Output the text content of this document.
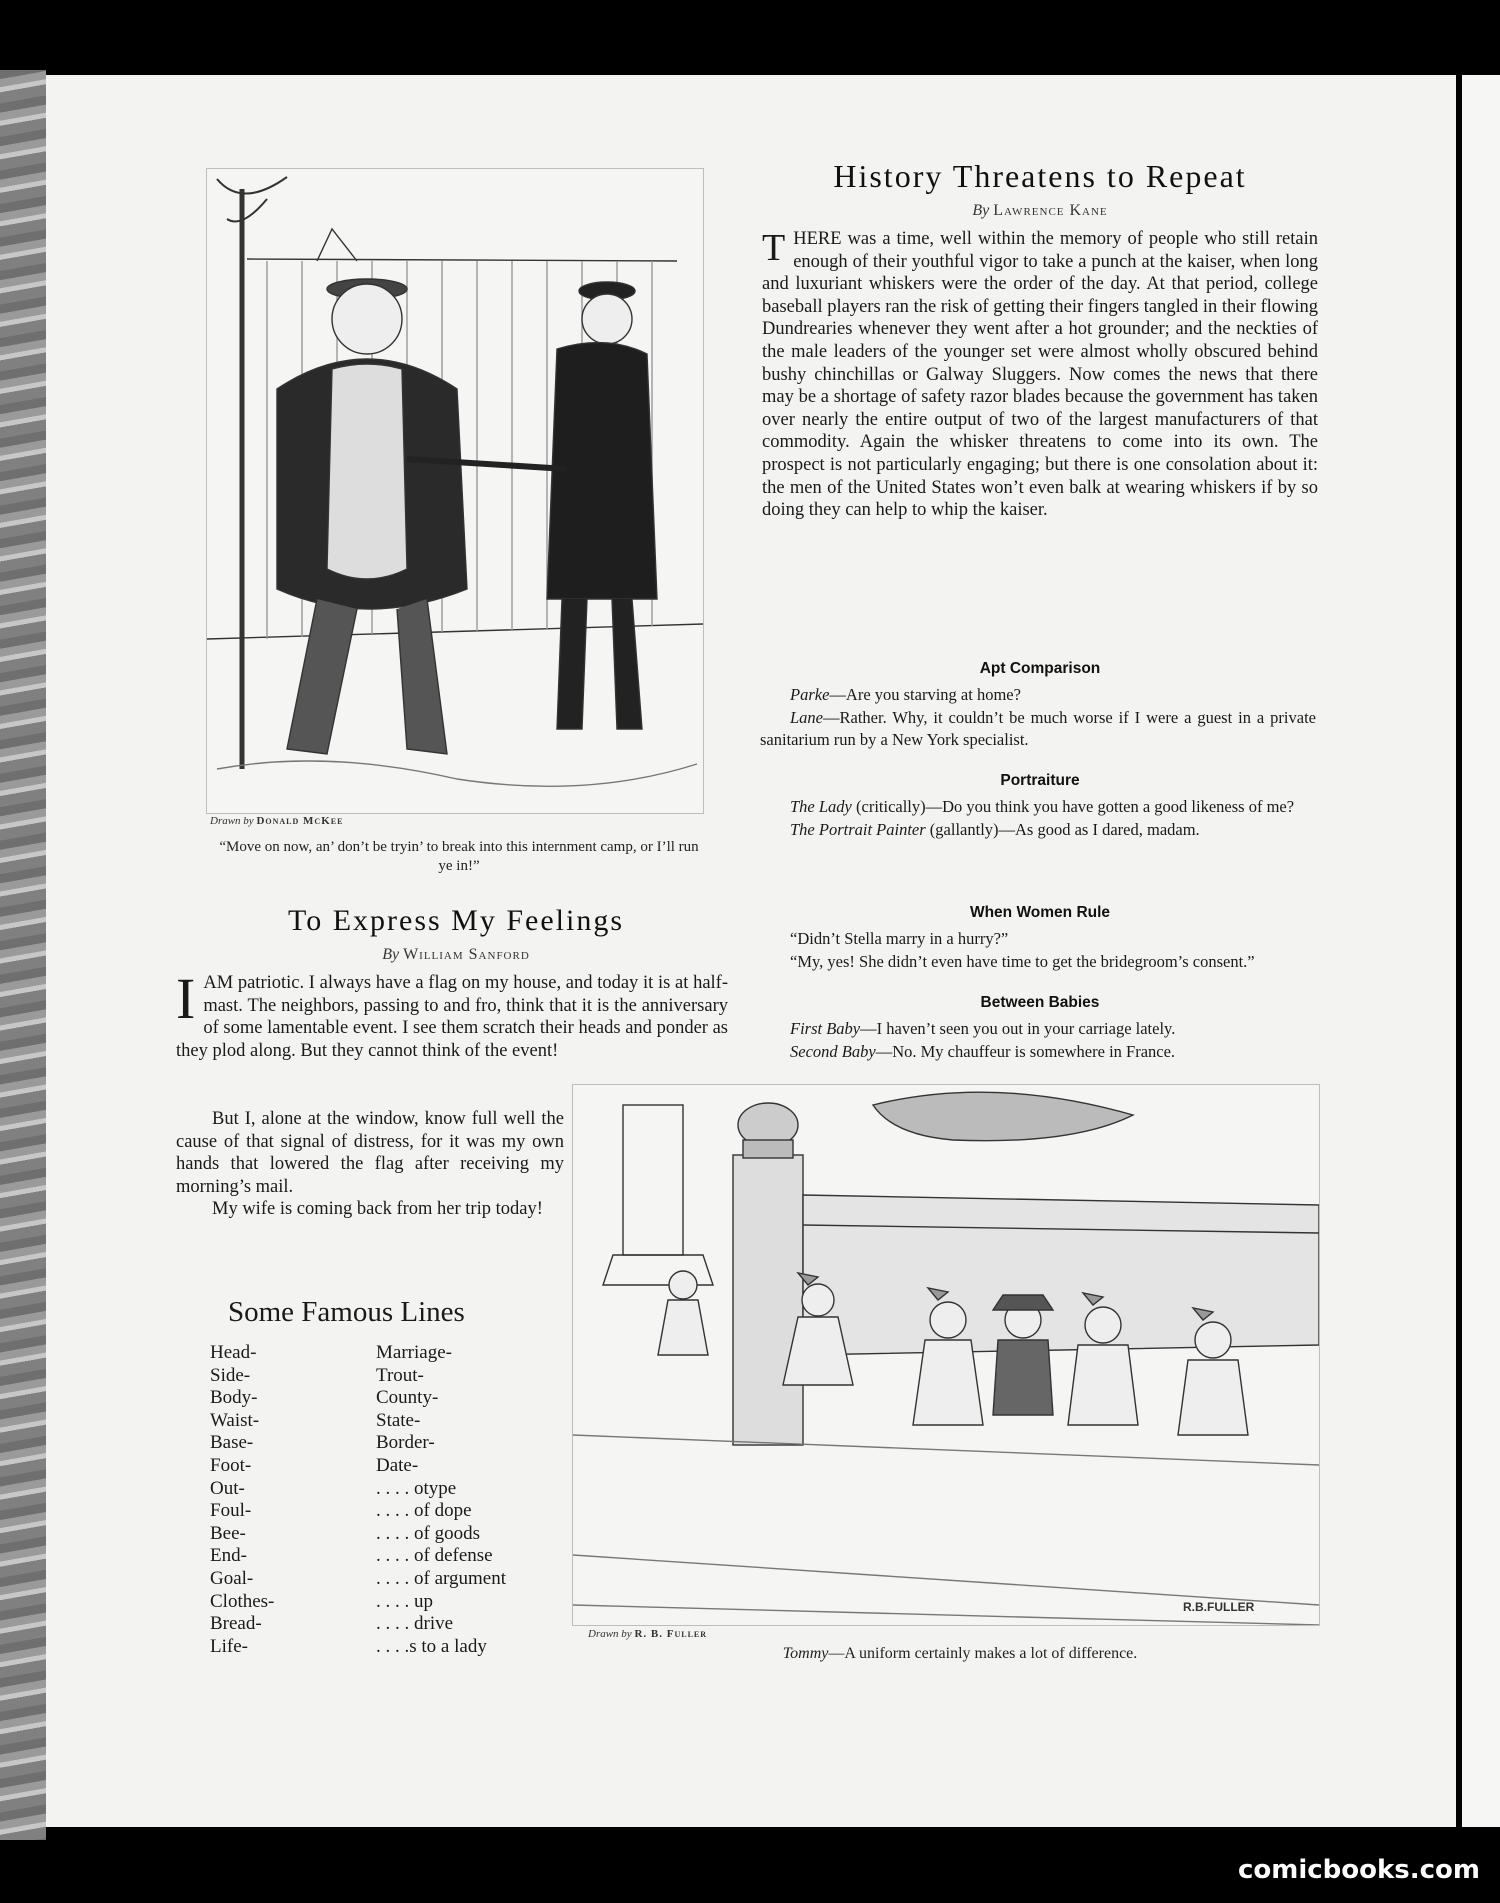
Drawn by Donald McKee
“Move on now, an’ don’t be tryin’ to break into this internment camp, or I’ll run ye in!”
History Threatens to Repeat
By Lawrence Kane
T HERE was a time, well within the memory of people who still retain enough of their youthful vigor to take a punch at the kaiser, when long and luxuriant whiskers were the order of the day. At that period, college baseball players ran the risk of getting their fingers tangled in their flowing Dundrearies whenever they went after a hot grounder; and the neckties of the male leaders of the younger set were almost wholly obscured behind bushy chinchillas or Galway Sluggers. Now comes the news that there may be a shortage of safety razor blades because the government has taken over nearly the entire output of two of the largest manufacturers of that commodity. Again the whisker threatens to come into its own. The prospect is not particularly engaging; but there is one consolation about it: the men of the United States won’t even balk at wearing whiskers if by so doing they can help to whip the kaiser.
Apt Comparison

Parke—Are you starving at home?

Lane—Rather. Why, it couldn’t be much worse if I were a guest in a private sanitarium run by a New York specialist.

Portraiture

The Lady (critically)—Do you think you have gotten a good likeness of me?

The Portrait Painter (gallantly)—As good as I dared, madam.

When Women Rule

“Didn’t Stella marry in a hurry?”

“My, yes! She didn’t even have time to get the bridegroom’s consent.”

Between Babies

First Baby—I haven’t seen you out in your carriage lately.

Second Baby—No. My chauffeur is somewhere in France.

To Express My Feelings
By William Sanford
I AM patriotic. I always have a flag on my house, and today it is at half-mast. The neighbors, passing to and fro, think that it is the anniversary of some lamentable event. I see them scratch their heads and ponder as they plod along. But they cannot think of the event!

But I, alone at the window, know full well the cause of that signal of distress, for it was my own hands that lowered the flag after receiving my morning’s mail.

My wife is coming back from her trip today!

Some Famous Lines
Head-	Marriage-
Side-	Trout-
Body-	County-
Waist-	State-
Base-	Border-
Foot-	Date-
Out-	. . . . otype
Foul-	. . . . of dope
Bee-	. . . . of goods
End-	. . . . of defense
Goal-	. . . . of argument
Clothes-	. . . . up
Bread-	. . . . drive
Life-	. . . .s to a lady
R.B.FULLER
Drawn by R. B. Fuller
Tommy—A uniform certainly makes a lot of difference.
comicbooks.com
